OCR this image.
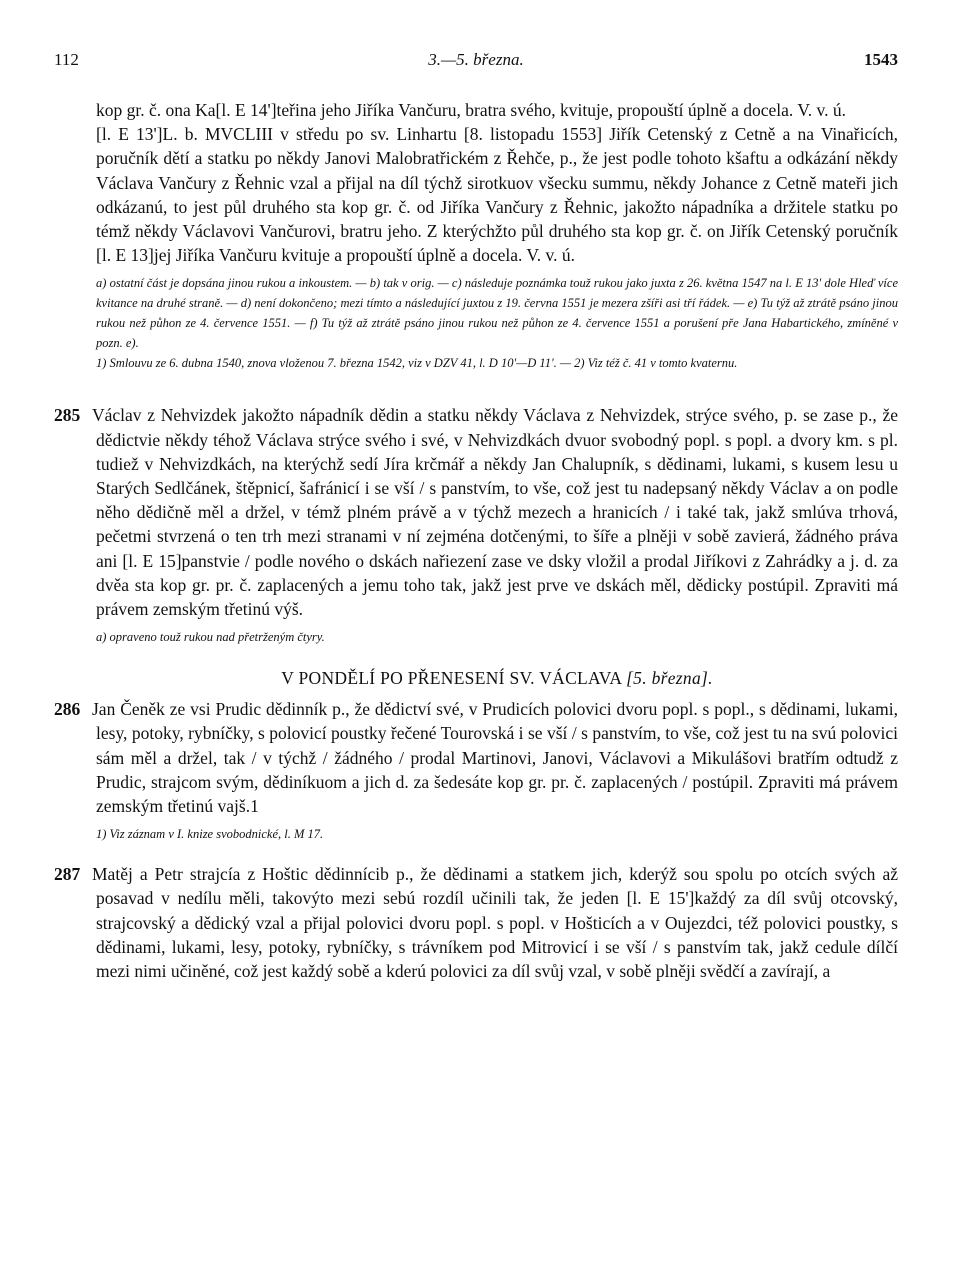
112	3.—5. března.	1543

kop gr. č. ona Ka[l. E 14']teřina jeho Jiříka Vančuru, bratra svého, kvituje, propouští úplně a docela. V. v. ú.

[l. E 13']L. b. MVCLIII v středu po sv. Linhartu [8. listopadu 1553] Jiřík Cetenský z Cetně a na Vinařicích, poručník dětí a statku po někdy Janovi Malobratřickém z Řehče, p., že jest podle tohoto kšaftu a odkázání někdy Václava Vančury z Řehnic vzal a přijal na díl týchž sirotkuov všecku summu, někdy Johance z Cetně mateři jich odkázanú, to jest půl druhého sta kop gr. č. od Jiříka Vančury z Řehnic, jakožto nápadníka a držitele statku po témž někdy Václavovi Vančurovi, bratru jeho. Z kterýchžto půl druhého sta kop gr. č. on Jiřík Cetenský poručník [l. E 13]jej Jiříka Vančuru kvituje a propouští úplně a docela. V. v. ú.

a) ostatní část je dopsána jinou rukou a inkoustem. — b) tak v orig. — c) následuje poznámka touž rukou jako juxta z 26. května 1547 na l. E 13' dole Hleď více kvitance na druhé straně. — d) není dokončeno; mezi tímto a následující juxtou z 19. června 1551 je mezera zšíři asi tří řádek. — e) Tu týž až ztrátě psáno jinou rukou než půhon ze 4. července 1551. — f) Tu týž až ztrátě psáno jinou rukou než půhon ze 4. července 1551 a porušení pře Jana Habartického, zmíněné v pozn. e).

1) Smlouvu ze 6. dubna 1540, znova vloženou 7. března 1542, viz v DZV 41, l. D 10'—D 11'. — 2) Viz též č. 41 v tomto kvaternu.

285 Václav z Nehvizdek jakožto nápadník dědin a statku někdy Václava z Nehvizdek, strýce svého, p. se zase p., že dědictvie někdy téhož Václava strýce svého i své, v Nehvizdkách dvuor svobodný popl. s popl. a dvory km. s pl. tudiež v Nehvizdkách, na kterýchž sedí Jíra krčmář a někdy Jan Chalupník, s dědinami, lukami, s kusem lesu u Starých Sedlčánek, štěpnicí, šafránicí i se vší / s panstvím, to vše, což jest tu nadepsaný někdy Václav a on podle něho dědičně měl a držel, v témž plném právě a v týchž mezech a hranicích / i také tak, jakž smlúva trhová, pečetmi stvrzená o ten trh mezi stranami v ní zejména dotčenými, to šíře a plněji v sobě zavierá, žádného práva ani [l. E 15]panstvie / podle nového o dskách nařiezení zase ve dsky vložil a prodal Jiříkovi z Zahrádky a j. d. za dvěa sta kop gr. pr. č. zaplacených a jemu toho tak, jakž jest prve ve dskách měl, dědicky postúpil. Zpraviti má právem zemským třetinú výš.

a) opraveno touž rukou nad přetrženým čtyry.

V PONDĚLÍ PO PŘENESENÍ SV. VÁCLAVA [5. března].

286 Jan Čeněk ze vsi Prudic dědinník p., že dědictví své, v Prudicích polovici dvoru popl. s popl., s dědinami, lukami, lesy, potoky, rybníčky, s polovicí poustky řečené Tourovská i se vší / s panstvím, to vše, což jest tu na svú polovici sám měl a držel, tak / v týchž / žádného / prodal Martinovi, Janovi, Václavovi a Mikulášovi bratřím odtudž z Prudic, strajcom svým, dědiníkuom a jich d. za šedesáte kop gr. pr. č. zaplacených / postúpil. Zpraviti má právem zemským třetinú vajš.1

1) Viz záznam v I. knize svobodnické, l. M 17.

287 Matěj a Petr strajcía z Hoštic dědinnícib p., že dědinami a statkem jich, kderýž sou spolu po otcích svých až posavad v nedílu měli, takovýto mezi sebú rozdíl učinili tak, že jeden [l. E 15']každý za díl svůj otcovský, strajcovský a dědický vzal a přijal polovici dvoru popl. s popl. v Hošticích a v Oujezdci, též polovici poustky, s dědinami, lukami, lesy, potoky, rybníčky, s trávníkem pod Mitrovicí i se vší / s panstvím tak, jakž cedule dílčí mezi nimi učiněné, což jest každý sobě a kderú polovici za díl svůj vzal, v sobě plněji svědčí a zavírají, a
